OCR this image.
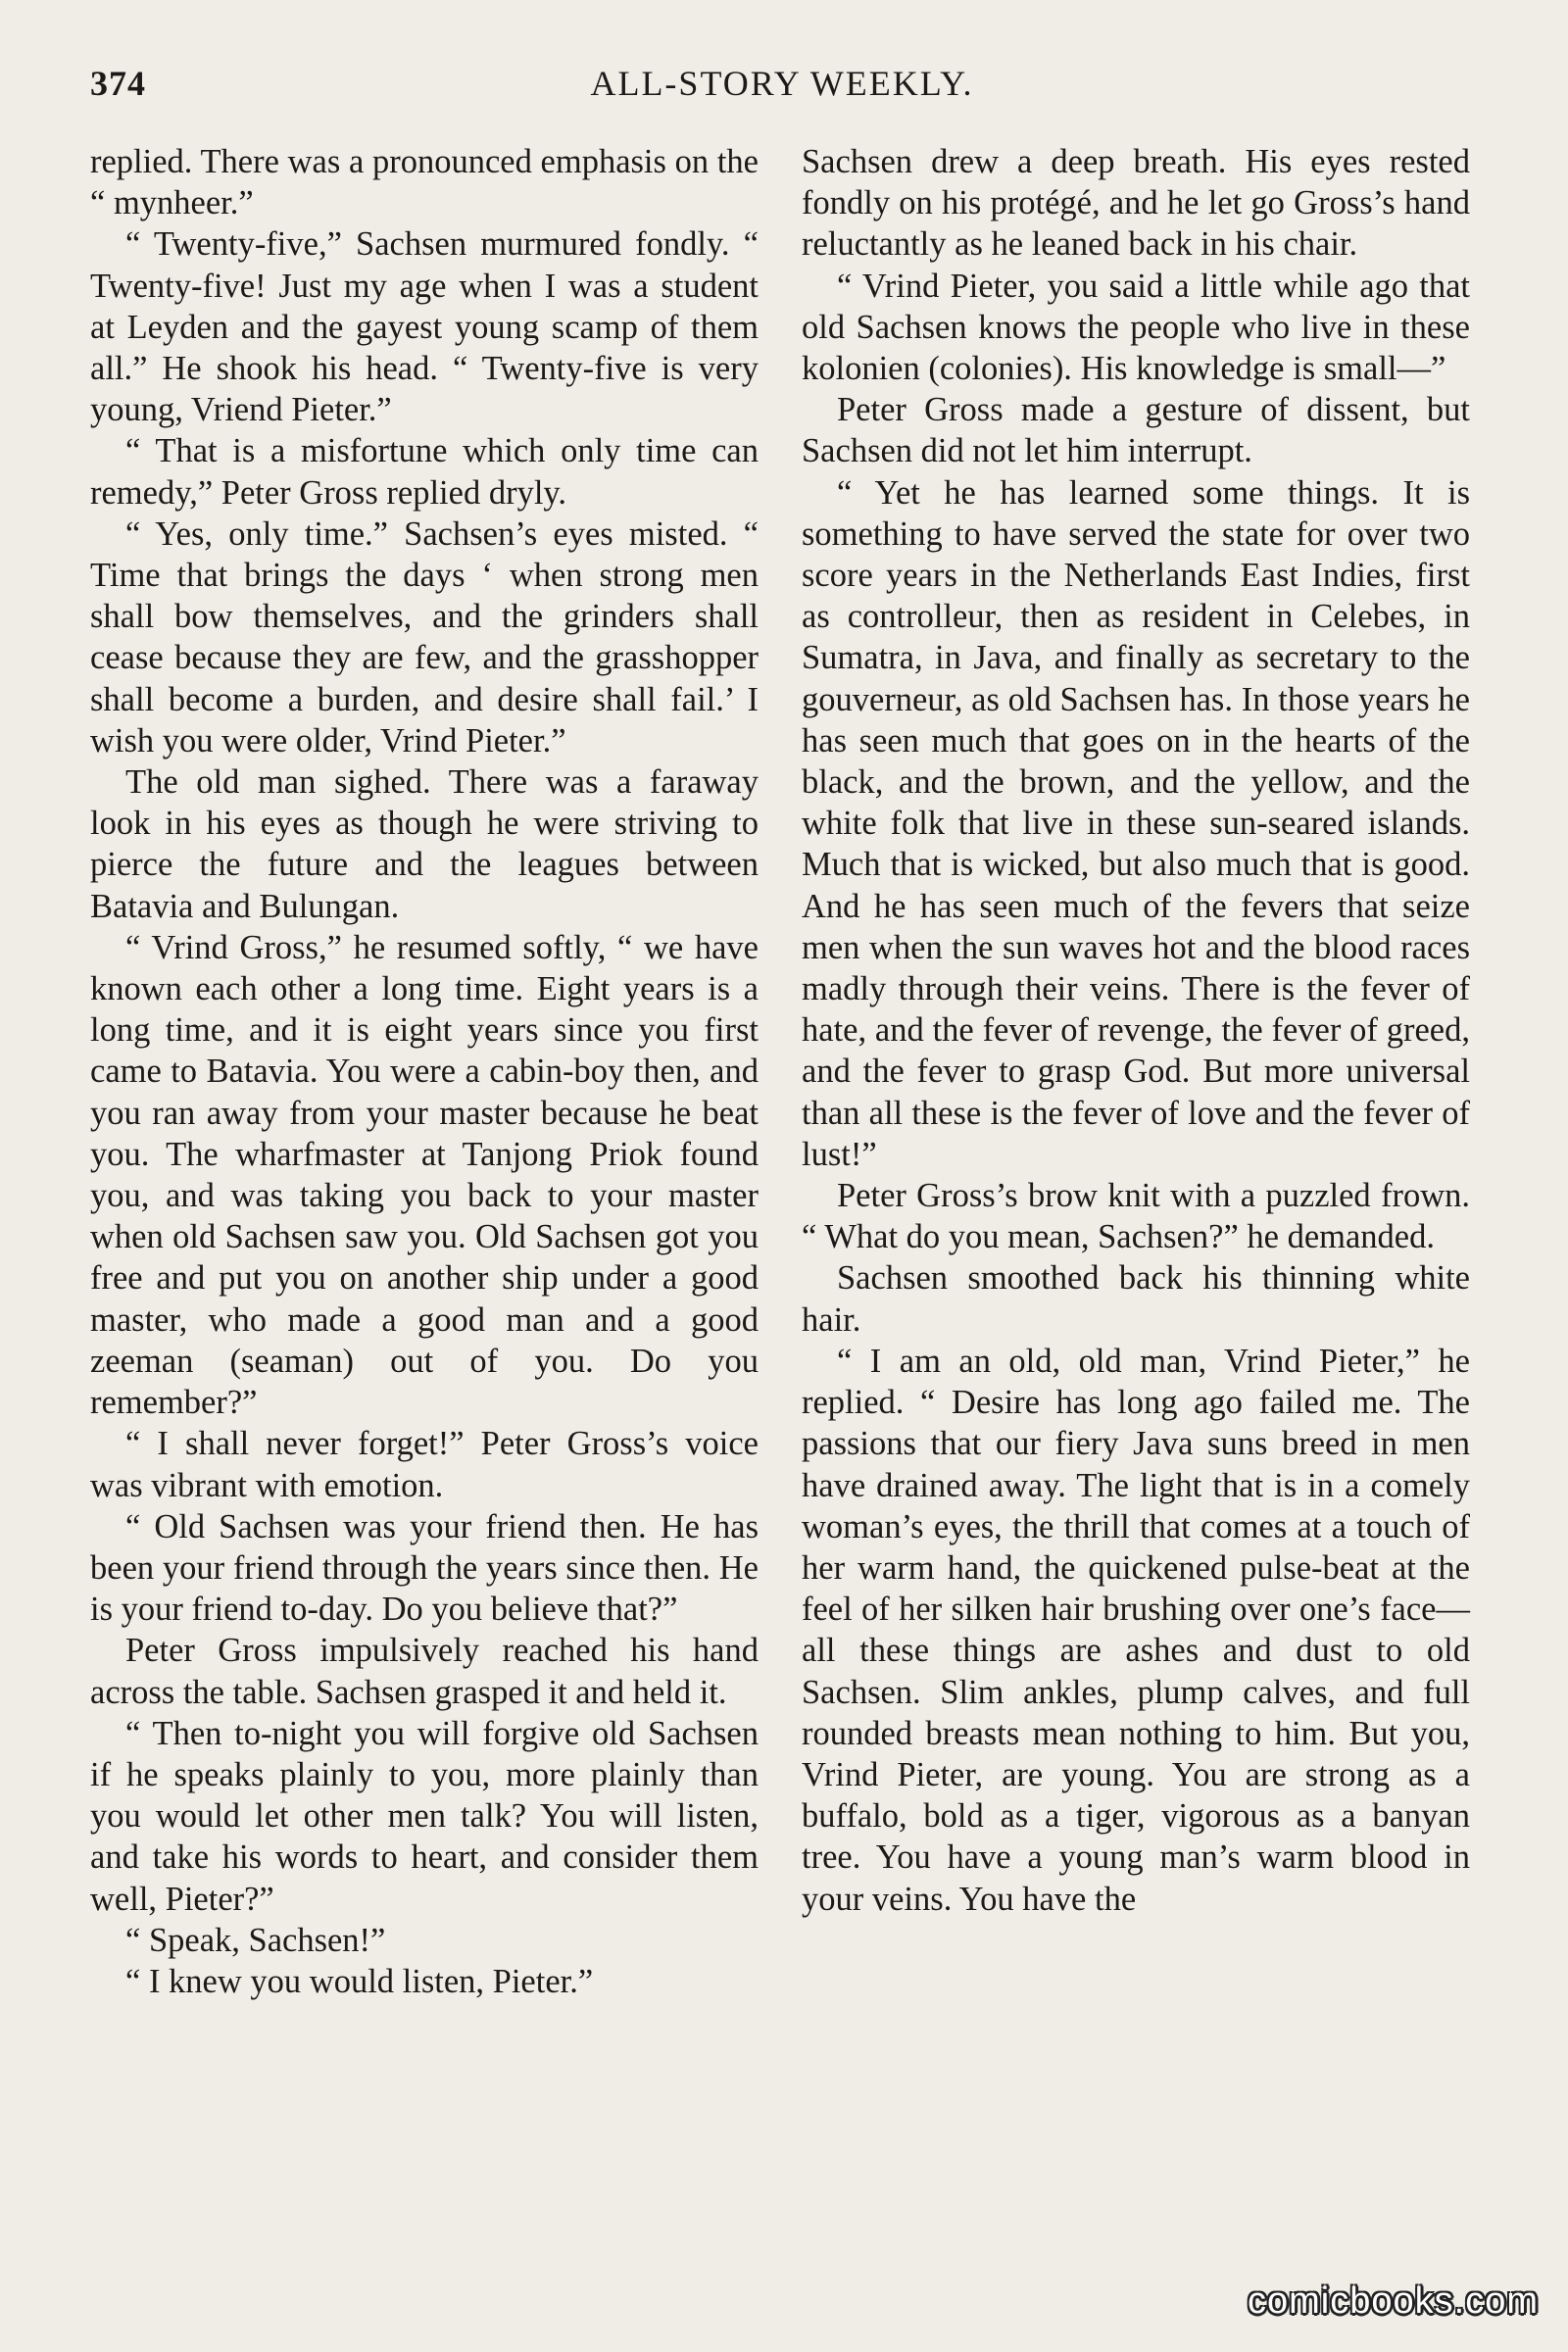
374	ALL-STORY WEEKLY.

replied. There was a pronounced emphasis on the “ mynheer.”

“ Twenty-five,” Sachsen murmured fondly. “ Twenty-five! Just my age when I was a student at Leyden and the gayest young scamp of them all.” He shook his head. “ Twenty-five is very young, Vriend Pieter.”

“ That is a misfortune which only time can remedy,” Peter Gross replied dryly.

“ Yes, only time.” Sachsen’s eyes misted. “ Time that brings the days ‘ when strong men shall bow themselves, and the grinders shall cease because they are few, and the grasshopper shall become a burden, and desire shall fail.’ I wish you were older, Vrind Pieter.”

The old man sighed. There was a faraway look in his eyes as though he were striving to pierce the future and the leagues between Batavia and Bulungan.

“ Vrind Gross,” he resumed softly, “ we have known each other a long time. Eight years is a long time, and it is eight years since you first came to Batavia. You were a cabin-boy then, and you ran away from your master because he beat you. The wharfmaster at Tanjong Priok found you, and was taking you back to your master when old Sachsen saw you. Old Sachsen got you free and put you on another ship under a good master, who made a good man and a good zeeman (seaman) out of you. Do you remember?”

“ I shall never forget!” Peter Gross’s voice was vibrant with emotion.

“ Old Sachsen was your friend then. He has been your friend through the years since then. He is your friend to-day. Do you believe that?”

Peter Gross impulsively reached his hand across the table. Sachsen grasped it and held it.

“ Then to-night you will forgive old Sachsen if he speaks plainly to you, more plainly than you would let other men talk? You will listen, and take his words to heart, and consider them well, Pieter?”

“ Speak, Sachsen!”

“ I knew you would listen, Pieter.”

Sachsen drew a deep breath. His eyes rested fondly on his protégé, and he let go Gross’s hand reluctantly as he leaned back in his chair.

“ Vrind Pieter, you said a little while ago that old Sachsen knows the people who live in these kolonien (colonies). His knowledge is small—”

Peter Gross made a gesture of dissent, but Sachsen did not let him interrupt.

“ Yet he has learned some things. It is something to have served the state for over two score years in the Netherlands East Indies, first as controlleur, then as resident in Celebes, in Sumatra, in Java, and finally as secretary to the gouverneur, as old Sachsen has. In those years he has seen much that goes on in the hearts of the black, and the brown, and the yellow, and the white folk that live in these sun-seared islands. Much that is wicked, but also much that is good. And he has seen much of the fevers that seize men when the sun waves hot and the blood races madly through their veins. There is the fever of hate, and the fever of revenge, the fever of greed, and the fever to grasp God. But more universal than all these is the fever of love and the fever of lust!”

Peter Gross’s brow knit with a puzzled frown. “ What do you mean, Sachsen?” he demanded.

Sachsen smoothed back his thinning white hair.

“ I am an old, old man, Vrind Pieter,” he replied. “ Desire has long ago failed me. The passions that our fiery Java suns breed in men have drained away. The light that is in a comely woman’s eyes, the thrill that comes at a touch of her warm hand, the quickened pulse-beat at the feel of her silken hair brushing over one’s face—all these things are ashes and dust to old Sachsen. Slim ankles, plump calves, and full rounded breasts mean nothing to him. But you, Vrind Pieter, are young. You are strong as a buffalo, bold as a tiger, vigorous as a banyan tree. You have a young man’s warm blood in your veins. You have the

comicbooks.com
